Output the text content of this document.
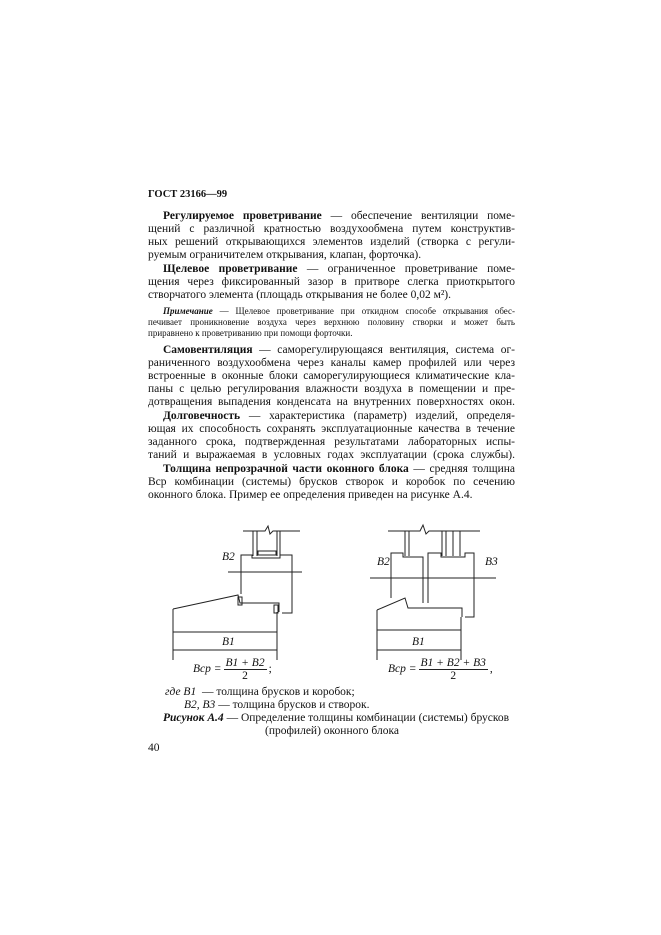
ГОСТ 23166—99
Регулируемое проветривание — обеспечение вентиляции поме-
щений с различной кратностью воздухообмена путем конструктив-
ных решений открывающихся элементов изделий (створка с регули-
руемым ограничителем открывания, клапан, форточка).
Щелевое проветривание — ограниченное проветривание поме-
щения через фиксированный зазор в притворе слегка приоткрытого
створчатого элемента (площадь открывания не более 0,02 м²).
Примечание — Щелевое проветривание при откидном способе открывания обес-
печивает проникновение воздуха через верхнюю половину створки и может быть
приравнено к проветриванию при помощи форточки.
Самовентиляция — саморегулирующаяся вентиляция, система ог-
раниченного воздухообмена через каналы камер профилей или через
встроенные в оконные блоки саморегулирующиеся климатические кла-
паны с целью регулирования влажности воздуха в помещении и пре-
дотвращения выпадения конденсата на внутренних поверхностях окон.
Долговечность — характеристика (параметр) изделий, определя-
ющая их способность сохранять эксплуатационные качества в течение
заданного срока, подтвержденная результатами лабораторных испы-
таний и выражаемая в условных годах эксплуатации (срока службы).
Толщина непрозрачной части оконного блока — средняя толщина
Bср комбинации (системы) брусков створок и коробок по сечению
оконного блока. Пример ее определения приведен на рисунке А.4.
B2
B1
B2	B3
B1
Bср = $\frac{B1 + B2}{2}$ ;	Bср = $\frac{B1 + B2 + B3}{2}$ ,
где B1 — толщина брусков и коробок;
B2, B3 — толщина брусков и створок.
Рисунок А.4 — Определение толщины комбинации (системы) брусков
(профилей) оконного блока
40
